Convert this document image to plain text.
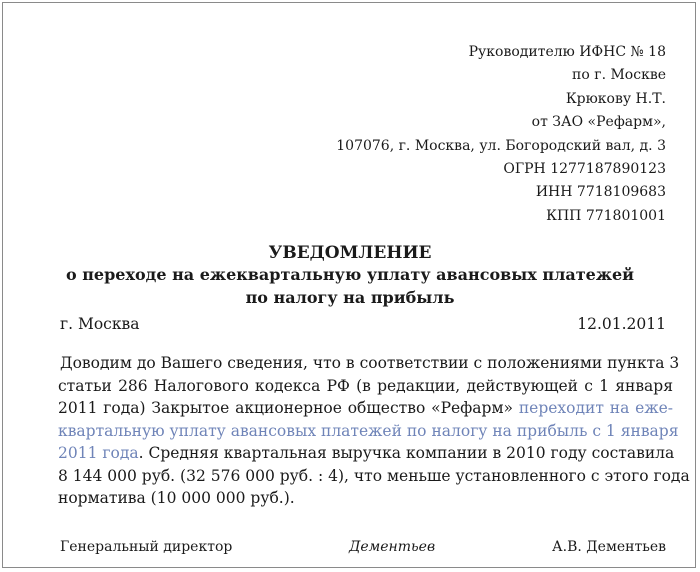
Руководителю ИФНС № 18
по г. Москве
Крюкову Н.Т.
от ЗАО «Рефарм»,
107076, г. Москва, ул. Богородский вал, д. 3
ОГРН 1277187890123
ИНН 7718109683
КПП 771801001
УВЕДОМЛЕНИЕ
о переходе на ежеквартальную уплату авансовых платежей
по налогу на прибыль
г. Москва	12.01.2011
Доводим до Вашего сведения, что в соответствии с положениями пункта 3
статьи 286 Налогового кодекса РФ (в редакции, действующей с 1 января
2011 года) Закрытое акционерное общество «Рефарм» переходит на еже-
квартальную уплату авансовых платежей по налогу на прибыль с 1 января
2011 года. Средняя квартальная выручка компании в 2010 году составила
8 144 000 руб. (32 576 000 руб. : 4), что меньше установленного с этого года
норматива (10 000 000 руб.).
Генеральный директор	Дементьев	А.В. Дементьев
